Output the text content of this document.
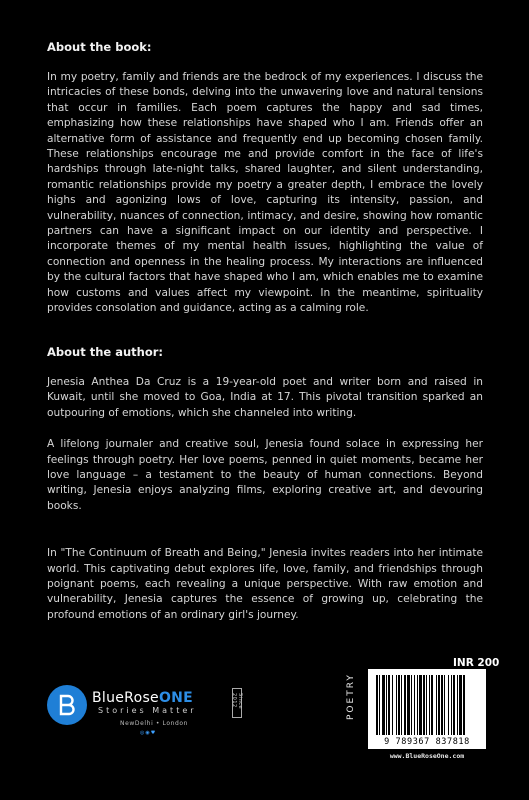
About the book:

In my poetry, family and friends are the bedrock of my experiences. I discuss the intricacies of these bonds, delving into the unwavering love and natural tensions that occur in families. Each poem captures the happy and sad times, emphasizing how these relationships have shaped who I am. Friends offer an alternative form of assistance and frequently end up becoming chosen family. These relationships encourage me and provide comfort in the face of life's hardships through late-night talks, shared laughter, and silent understanding, romantic relationships provide my poetry a greater depth, I embrace the lovely highs and agonizing lows of love, capturing its intensity, passion, and vulnerability, nuances of connection, intimacy, and desire, showing how romantic partners can have a significant impact on our identity and perspective. I incorporate themes of my mental health issues, highlighting the value of connection and openness in the healing process. My interactions are influenced by the cultural factors that have shaped who I am, which enables me to examine how customs and values affect my viewpoint. In the meantime, spirituality provides consolation and guidance, acting as a calming role.

About the author:

Jenesia Anthea Da Cruz is a 19-year-old poet and writer born and raised in Kuwait, until she moved to Goa, India at 17. This pivotal transition sparked an outpouring of emotions, which she channeled into writing.

A lifelong journaler and creative soul, Jenesia found solace in expressing her feelings through poetry. Her love poems, penned in quiet moments, became her love language – a testament to the beauty of human connections. Beyond writing, Jenesia enjoys analyzing films, exploring creative art, and devouring books.

In "The Continuum of Breath and Being," Jenesia invites readers into her intimate world. This captivating debut explores life, love, family, and friendships through poignant poems, each revealing a unique perspective. With raw emotion and vulnerability, Jenesia captures the essence of growing up, celebrating the profound emotions of an ordinary girl's journey.

BlueRoseONE	Since 2012
Stories Matter
NewDelhi • London
◎◉♥
INR 200
POETRY
9 789367 837818
www.BlueRoseOne.com
